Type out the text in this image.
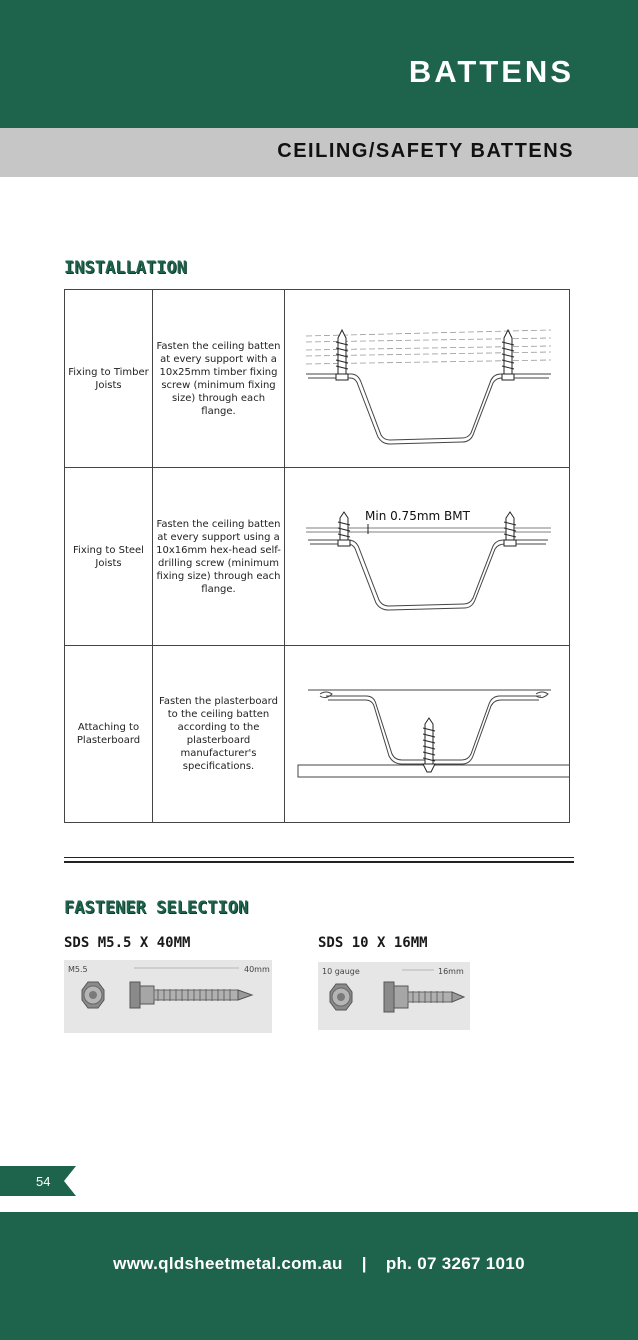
BATTENS
CEILING/SAFETY BATTENS
INSTALLATION
Fixing to Timber Joists	Fasten the ceiling batten at every support with a 10x25mm timber fixing screw (minimum fixing size) through each flange.

Fixing to Steel Joists	Fasten the ceiling batten at every support using a 10x16mm hex-head self-drilling screw (minimum fixing size) through each flange.	Min 0.75mm BMT

Attaching to Plasterboard	Fasten the plasterboard to the ceiling batten according to the plasterboard manufacturer's specifications.

FASTENER SELECTION
SDS M5.5 X 40MM	SDS 10 X 16MM
M5.5	40mm	10 gauge	16mm
54
www.qldsheetmetal.com.au | ph. 07 3267 1010
